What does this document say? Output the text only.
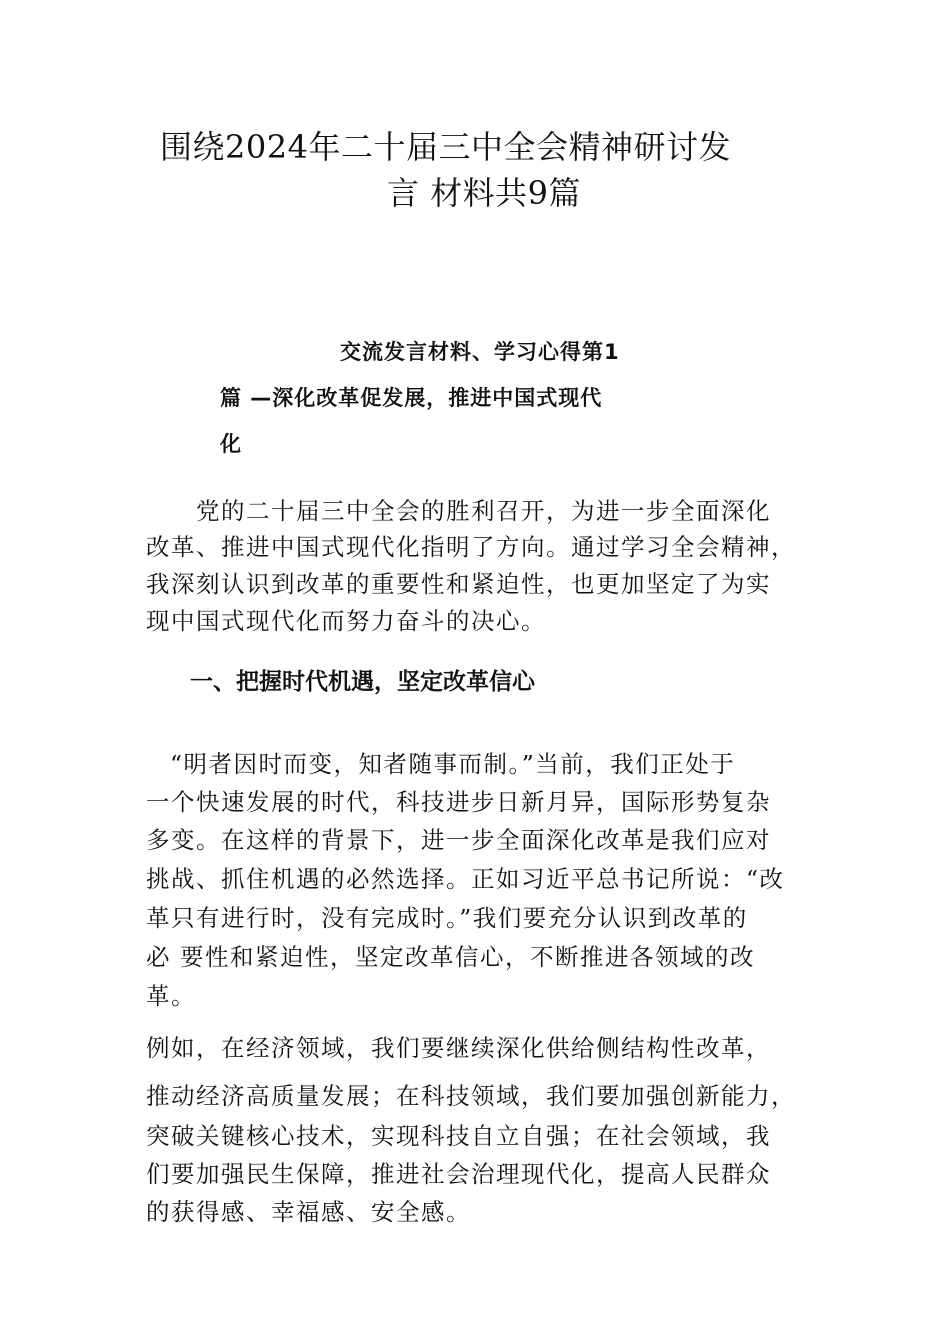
围绕2024年二十届三中全会精神研讨发
言 材料共9篇
交流发言材料、学习心得第1
篇 —深化改革促发展，推进中国式现代
化
党的二十届三中全会的胜利召开，为进一步全面深化
改革、推进中国式现代化指明了方向。通过学习全会精神，
我深刻认识到改革的重要性和紧迫性，也更加坚定了为实
现中国式现代化而努力奋斗的决心。
一、把握时代机遇，坚定改革信心
“明者因时而变，知者随事而制。”当前，我们正处于
一个快速发展的时代，科技进步日新月异，国际形势复杂
多变。在这样的背景下，进一步全面深化改革是我们应对
挑战、抓住机遇的必然选择。正如习近平总书记所说：“改
革只有进行时，没有完成时。”我们要充分认识到改革的
必 要性和紧迫性，坚定改革信心，不断推进各领域的改
革。
例如，在经济领域，我们要继续深化供给侧结构性改革，
推动经济高质量发展；在科技领域，我们要加强创新能力，
突破关键核心技术，实现科技自立自强；在社会领域，我
们要加强民生保障，推进社会治理现代化，提高人民群众
的获得感、幸福感、安全感。
